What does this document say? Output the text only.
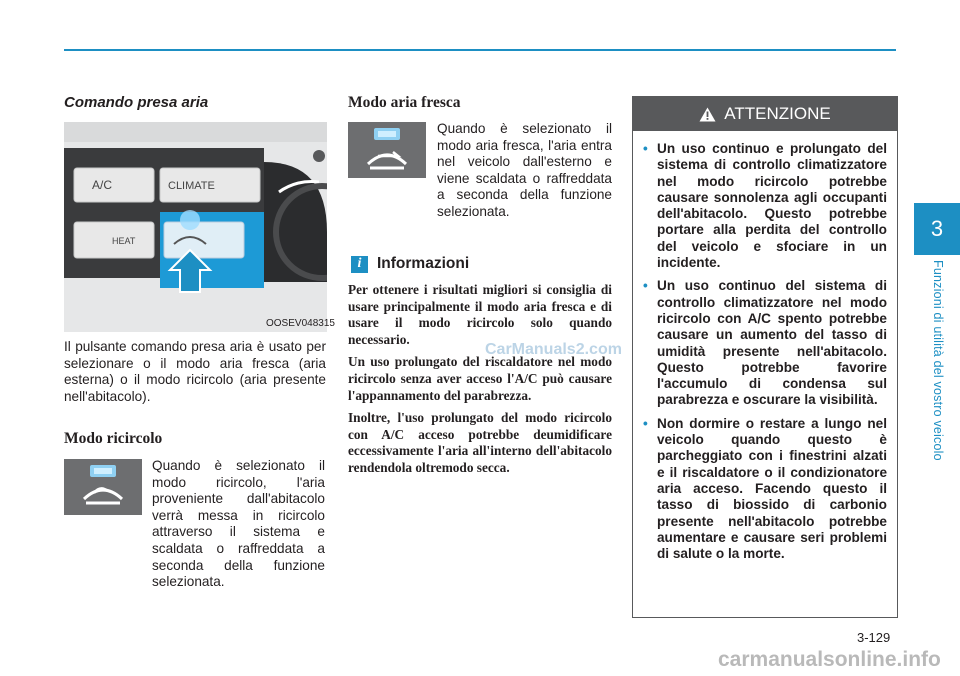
3
Funzioni di utilità del vostro veicolo
Comando presa aria
A/C	CLIMATE
HEAT
OOSEV048315
Il pulsante comando presa aria è usato per selezionare o il modo aria fresca (aria esterna) o il modo ricircolo (aria presente nell'abitacolo).
Modo ricircolo
Quando è selezionato il modo ricircolo, l'aria proveniente dall'abitacolo verrà messa in ricircolo attraverso il sistema e scaldata o raffreddata a seconda della funzione selezionata.
Modo aria fresca
Quando è selezionato il modo aria fresca, l'aria entra nel veicolo dall'esterno e viene scaldata o raffreddata a seconda della funzione selezionata.
i	Informazioni

Per ottenere i risultati migliori si consiglia di usare principalmente il modo aria fresca e di usare il modo ricircolo solo quando necessario.

Un uso prolungato del riscaldatore nel modo ricircolo senza aver acceso l'A/C può causare l'appannamento del parabrezza.

Inoltre, l'uso prolungato del modo ricircolo con A/C acceso potrebbe deumidificare eccessivamente l'aria all'interno dell'abitacolo rendendola oltremodo secca.

CarManuals2.com
ATTENZIONE
• Un uso continuo e prolungato del sistema di controllo climatizzatore nel modo ricircolo potrebbe causare sonnolenza agli occupanti dell'abitacolo. Questo potrebbe portare alla perdita del controllo del veicolo e sfociare in un incidente.
• Un uso continuo del sistema di controllo climatizzatore nel modo ricircolo con A/C spento potrebbe causare un aumento del tasso di umidità presente nell'abitacolo. Questo potrebbe favorire l'accumulo di condensa sul parabrezza e oscurare la visibilità.
• Non dormire o restare a lungo nel veicolo quando questo è parcheggiato con i finestrini alzati e il riscaldatore o il condizionatore aria acceso. Facendo questo il tasso di biossido di carbonio presente nell'abitacolo potrebbe aumentare e causare seri problemi di salute o la morte.
3-129
carmanualsonline.info
